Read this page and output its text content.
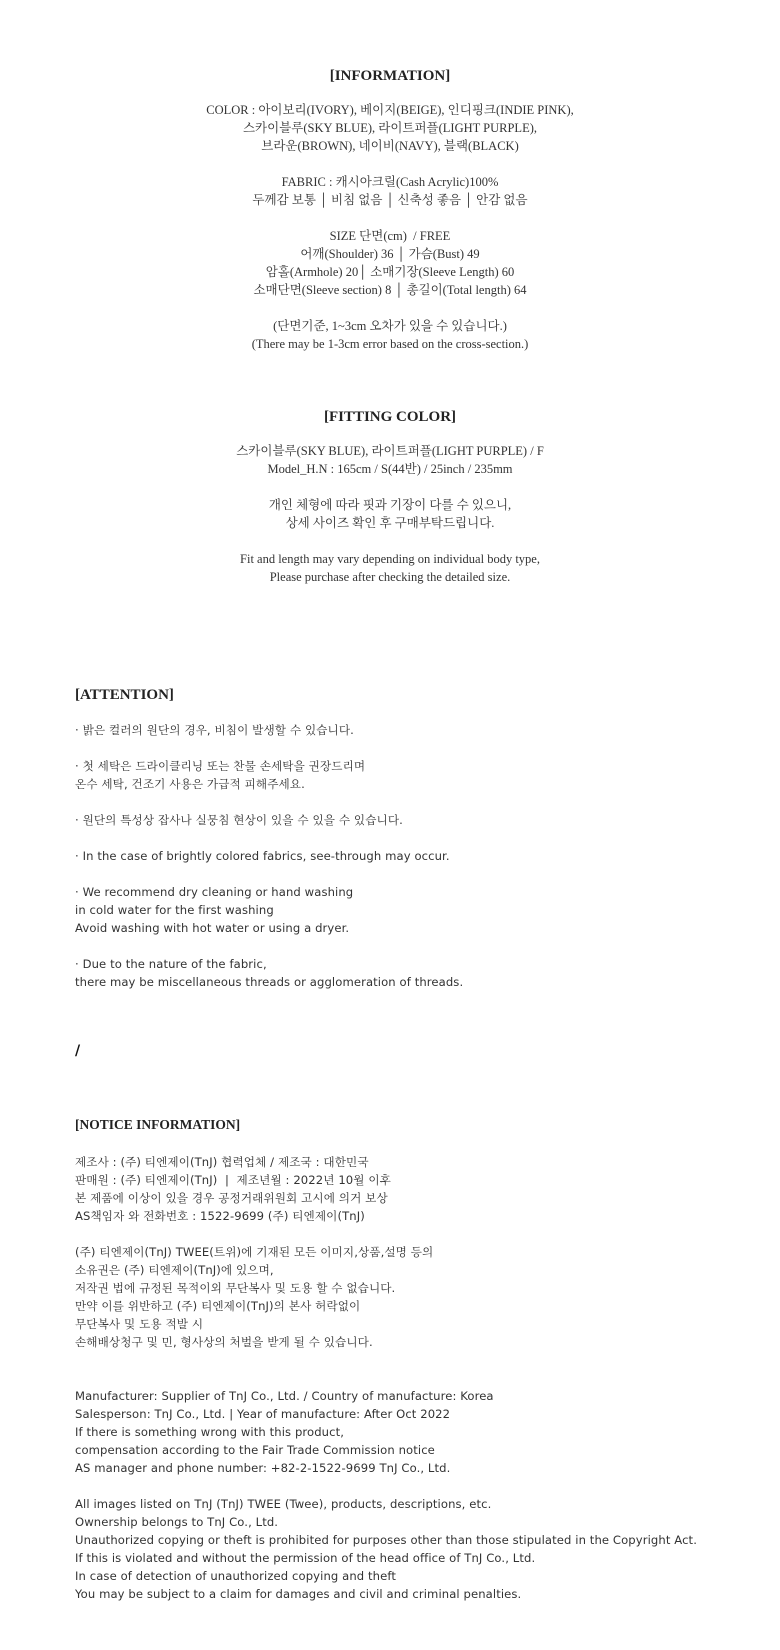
[INFORMATION]
COLOR : 아이보리(IVORY), 베이지(BEIGE), 인디핑크(INDIE PINK),
스카이블루(SKY BLUE), 라이트퍼플(LIGHT PURPLE),
브라운(BROWN), 네이비(NAVY), 블랙(BLACK)
FABRIC : 캐시아크릴(Cash Acrylic)100%
두께감 보통 │ 비침 없음 │ 신축성 좋음 │ 안감 없음
SIZE 단면(cm)  / FREE
어깨(Shoulder) 36 │ 가슴(Bust) 49
암홀(Armhole) 20│ 소매기장(Sleeve Length) 60
소매단면(Sleeve section) 8 │ 총길이(Total length) 64
(단면기준, 1~3cm 오차가 있을 수 있습니다.)
(There may be 1-3cm error based on the cross-section.)
[FITTING COLOR]
스카이블루(SKY BLUE), 라이트퍼플(LIGHT PURPLE) / F
Model_H.N : 165cm / S(44반) / 25inch / 235mm
개인 체형에 따라 핏과 기장이 다를 수 있으니,
상세 사이즈 확인 후 구매부탁드립니다.
Fit and length may vary depending on individual body type,
Please purchase after checking the detailed size.
[ATTENTION]
· 밝은 컬러의 원단의 경우, 비침이 발생할 수 있습니다.
· 첫 세탁은 드라이클리닝 또는 찬물 손세탁을 권장드리며
온수 세탁, 건조기 사용은 가급적 피해주세요.
· 원단의 특성상 잡사나 실뭉침 현상이 있을 수 있을 수 있습니다.
· In the case of brightly colored fabrics, see-through may occur.
· We recommend dry cleaning or hand washing
in cold water for the first washing
Avoid washing with hot water or using a dryer.
· Due to the nature of the fabric,
there may be miscellaneous threads or agglomeration of threads.
/
[NOTICE INFORMATION]
제조사 : (주) 티엔제이(TnJ) 협력업체 / 제조국 : 대한민국
판매원 : (주) 티엔제이(TnJ)  |  제조년월 : 2022년 10월 이후
본 제품에 이상이 있을 경우 공정거래위원회 고시에 의거 보상
AS책임자 와 전화번호 : 1522-9699 (주) 티엔제이(TnJ)
(주) 티엔제이(TnJ) TWEE(트위)에 기재된 모든 이미지,상품,설명 등의
소유권은 (주) 티엔제이(TnJ)에 있으며,
저작권 법에 규정된 목적이외 무단복사 및 도용 할 수 없습니다.
만약 이를 위반하고 (주) 티엔제이(TnJ)의 본사 허락없이
무단복사 및 도용 적발 시
손해배상청구 및 민, 형사상의 처벌을 받게 될 수 있습니다.
Manufacturer: Supplier of TnJ Co., Ltd. / Country of manufacture: Korea
Salesperson: TnJ Co., Ltd. | Year of manufacture: After Oct 2022
If there is something wrong with this product,
compensation according to the Fair Trade Commission notice
AS manager and phone number: +82-2-1522-9699 TnJ Co., Ltd.
All images listed on TnJ (TnJ) TWEE (Twee), products, descriptions, etc.
Ownership belongs to TnJ Co., Ltd.
Unauthorized copying or theft is prohibited for purposes other than those stipulated in the Copyright Act.
If this is violated and without the permission of the head office of TnJ Co., Ltd.
In case of detection of unauthorized copying and theft
You may be subject to a claim for damages and civil and criminal penalties.
